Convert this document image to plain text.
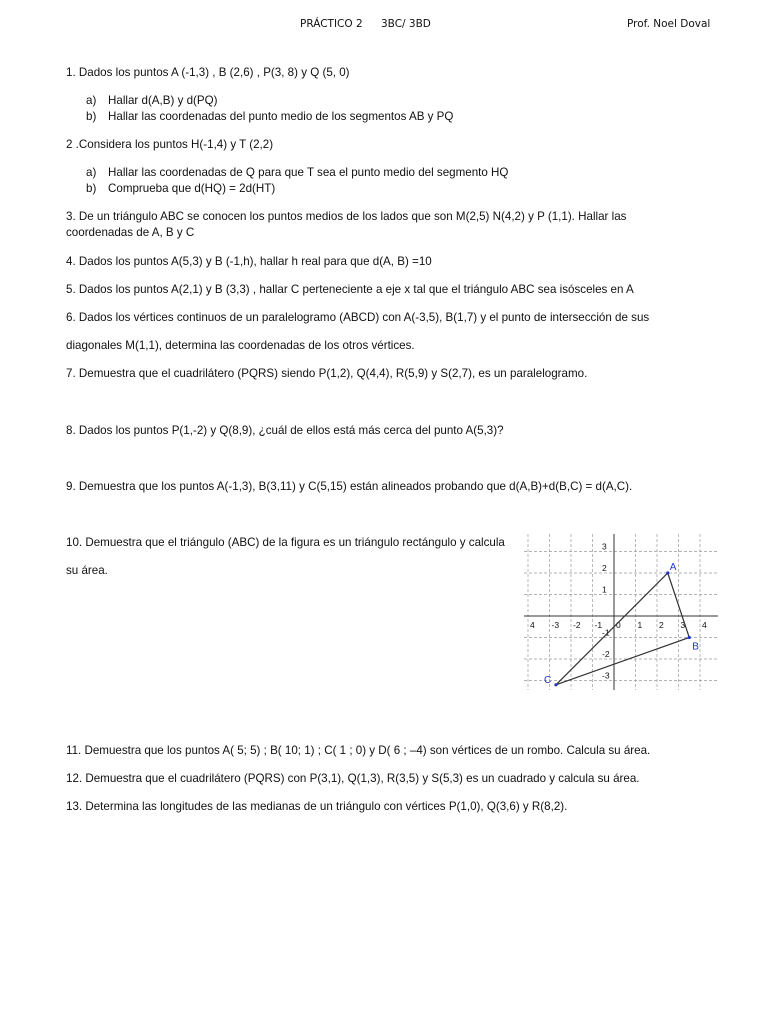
PRÁCTICO 2 3BC/ 3BD	Prof. Noel Doval
1. Dados los puntos A (-1,3) , B (2,6) , P(3, 8) y Q (5, 0)
a) Hallar d(A,B) y d(PQ)
b) Hallar las coordenadas del punto medio de los segmentos AB y PQ
2 .Considera los puntos H(-1,4) y T (2,2)
a) Hallar las coordenadas de Q para que T sea el punto medio del segmento HQ
b) Comprueba que d(HQ) = 2d(HT)
3. De un triángulo ABC se conocen los puntos medios de los lados que son M(2,5) N(4,2) y P (1,1). Hallar las
coordenadas de A, B y C
4. Dados los puntos A(5,3) y B (-1,h), hallar h real para que d(A, B) =10
5. Dados los puntos A(2,1) y B (3,3) , hallar C perteneciente a eje x tal que el triángulo ABC sea isósceles en A
6. Dados los vértices continuos de un paralelogramo (ABCD) con A(-3,5), B(1,7) y el punto de intersección de sus
diagonales M(1,1), determina las coordenadas de los otros vértices.
7. Demuestra que el cuadrilátero (PQRS) siendo P(1,2), Q(4,4), R(5,9) y S(2,7), es un paralelogramo.
8. Dados los puntos P(1,-2) y Q(8,9), ¿cuál de ellos está más cerca del punto A(5,3)?
9. Demuestra que los puntos A(-1,3), B(3,11) y C(5,15) están alineados probando que d(A,B)+d(B,C) = d(A,C).
10. Demuestra que el triángulo (ABC) de la figura es un triángulo rectángulo y calcula
su área.
4 -3 -2 -1 0 1 2 3 4
3
2
1
-1
-2
-3
A
B
C
11. Demuestra que los puntos A( 5; 5) ; B( 10; 1) ; C( 1 ; 0) y D( 6 ; –4) son vértices de un rombo. Calcula su área.
12. Demuestra que el cuadrilátero (PQRS) con P(3,1), Q(1,3), R(3,5) y S(5,3) es un cuadrado y calcula su área.
13. Determina las longitudes de las medianas de un triángulo con vértices P(1,0), Q(3,6) y R(8,2).
